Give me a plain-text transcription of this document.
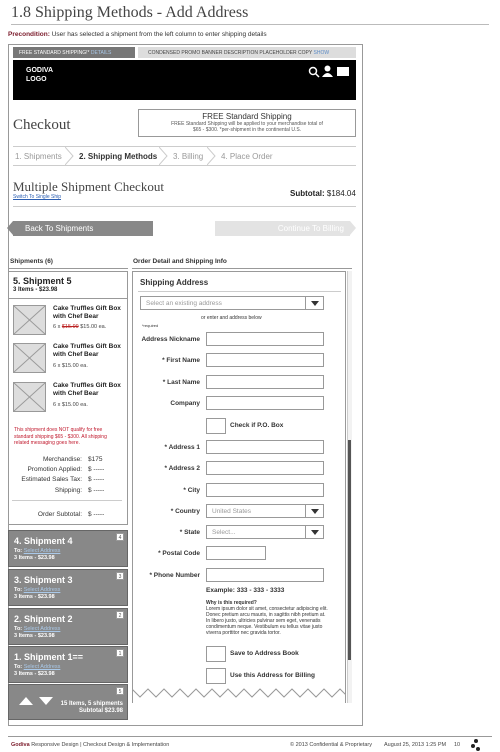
1.8 Shipping Methods - Add Address
Precondition: User has selected a shipment from the left column to enter shipping details
FREE STANDARD SHIPPING!* DETAILS	CONDENSED PROMO BANNER DESCRIPTION PLACEHOLDER COPY SHOW
GODIVA
LOGO
Checkout
FREE Standard Shipping
FREE Standard Shipping will be applied to your merchandise total of $65 - $300. *per-shipment in the continental U.S.
1. Shipments 2. Shipping Methods 3. Billing 4. Place Order
Multiple Shipment Checkout
Switch To Single Ship	Subtotal: $184.04
Back To Shipments	Continue To Billing
Shipments (6)	Order Detail and Shipping Info
5. Shipment 5
3 Items - $23.98
Cake Truffles Gift Box with Chef Bear
6 x $15.99 $15.00 ea.
Cake Truffles Gift Box with Chef Bear
6 x $15.00 ea.
Cake Truffles Gift Box with Chef Bear
6 x $15.00 ea.
This shipment does NOT qualify for free standard shipping $65 - $300. All shipping related messaging goes here.
Merchandise: $175
Promotion Applied: $ -----
Estimated Sales Tax: $ -----
Shipping: $ -----
Order Subtotal: $ -----
4. Shipment 4
To: Select Address
3 Items - $23.98
4
3. Shipment 3
To: Select Address
3 Items - $23.98
3
2. Shipment 2
To: Select Address
3 Items - $23.98
2
1. Shipment 1==
To: Select Address
3 Items - $23.98
1
15 Items, 5 shipments
Subtotal $23.98
5
Shipping Address
Select an existing address
or enter and address below
*required
Address Nickname
* First Name
* Last Name
Company
Check if P.O. Box
* Address 1
* Address 2
* City
* Country	United States
* State	Select...
* Postal Code
* Phone Number
Example: 333 - 333 - 3333
Why is this required?
Lorem ipsum dolor sit amet, consectetur adipiscing elit. Donec pretium arcu mauris, in sagittis nibh pretium at. In libero justo, ultricies pulvinar sem eget, venenatis condimentum neque. Vestibulum eu tellus vitae justo viverra porttitor nec gravida tortor.
Save to Address Book
Use this Address for Billing
Godiva Responsive Design | Checkout Design & Implementation	© 2013 Confidential & Proprietary August 25, 2013 1:25 PM 10
